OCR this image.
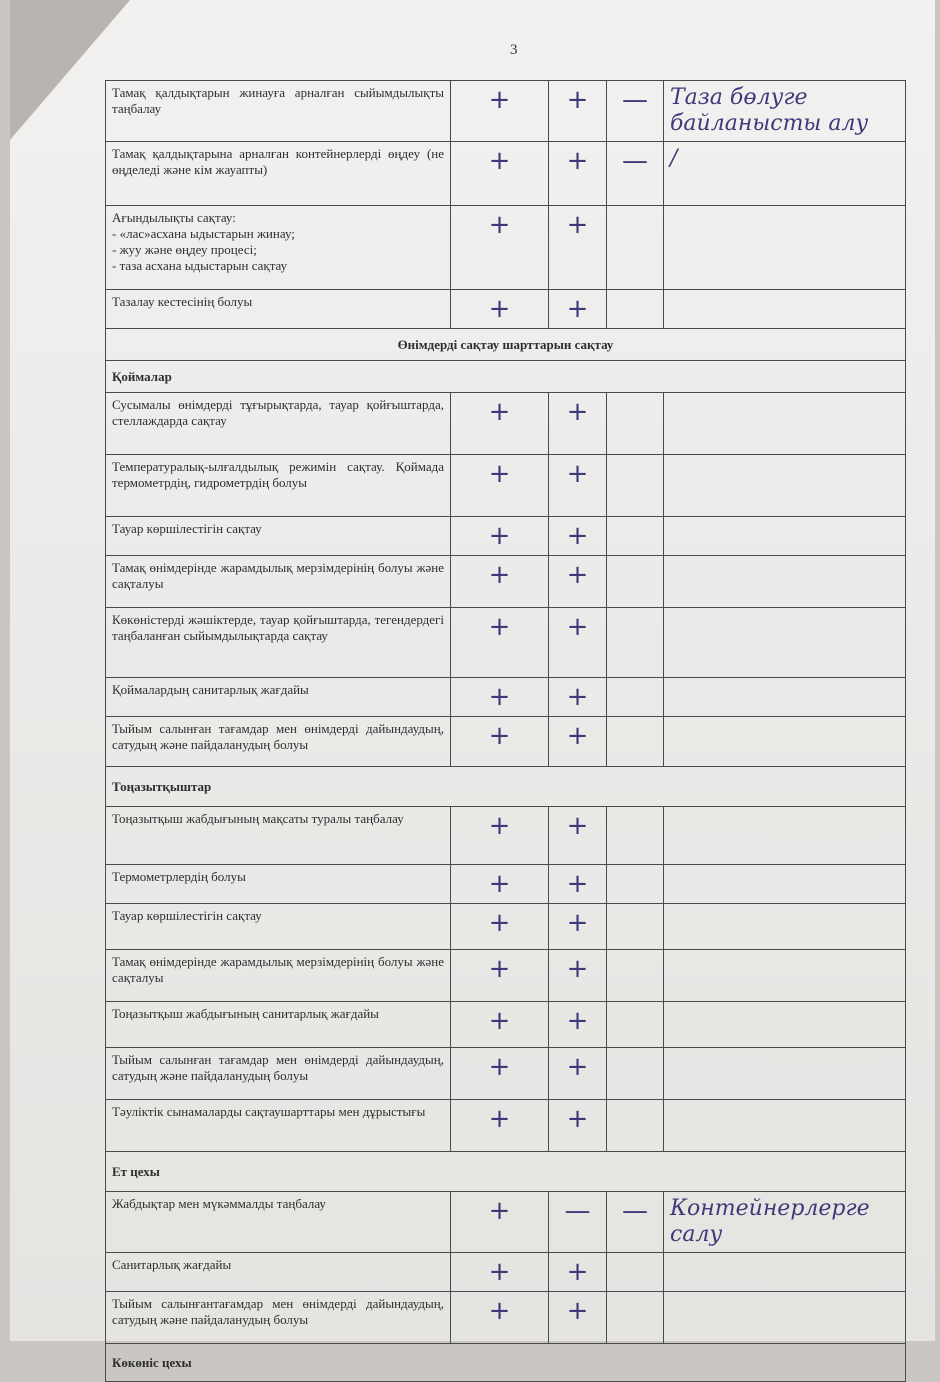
3
Тамақ қалдықтарын жинауға арналған сыйымдылықты таңбалау	+	+	—	Таза бөлуге
байланысты алу

Тамақ қалдықтарына арналған контейнерлерді өңдеу (не өңделеді және кім жауапты)	+	+	—	/

Ағындылықты сақтау:
- «лас»асхана ыдыстарын жинау;
- жуу және өңдеу процесі;
- таза асхана ыдыстарын сақтау	+	+		
Тазалау кестесінің болуы	+	+		
Өнімдерді сақтау шарттарын сақтау				
Қоймалар				
Сусымалы өнімдерді тұғырықтарда, тауар қойғыштарда, стеллаждарда сақтау	+	+		
Температуралық-ылғалдылық режимін сақтау. Қоймада термометрдің, гидрометрдің болуы	+	+		
Тауар көршілестігін сақтау	+	+		
Тамақ өнімдерінде жарамдылық мерзімдерінің болуы және сақталуы	+	+		
Көкөністерді жәшіктерде, тауар қойғыштарда, тегендердегі таңбаланған сыйымдылықтарда сақтау	+	+		
Қоймалардың санитарлық жағдайы	+	+		
Тыйым салынған тағамдар мен өнімдерді дайындаудың, сатудың және пайдаланудың болуы	+	+		
Тоңазытқыштар				
Тоңазытқыш жабдығының мақсаты туралы таңбалау	+	+		
Термометрлердің болуы	+	+		
Тауар көршілестігін сақтау	+	+		
Тамақ өнімдерінде жарамдылық мерзімдерінің болуы және сақталуы	+	+		
Тоңазытқыш жабдығының санитарлық жағдайы	+	+		
Тыйым салынған тағамдар мен өнімдерді дайындаудың, сатудың және пайдаланудың болуы	+	+		
Тәуліктік сынамаларды сақтаушарттары мен дұрыстығы	+	+		
Ет цехы				
Жабдықтар мен мүкәммалды таңбалау	+	—	—	Контейнерлерге
салу

Санитарлық жағдайы	+	+		
Тыйым салынғантағамдар мен өнімдерді дайындаудың, сатудың және пайдаланудың болуы	+	+		
Көкөніс цехы				
